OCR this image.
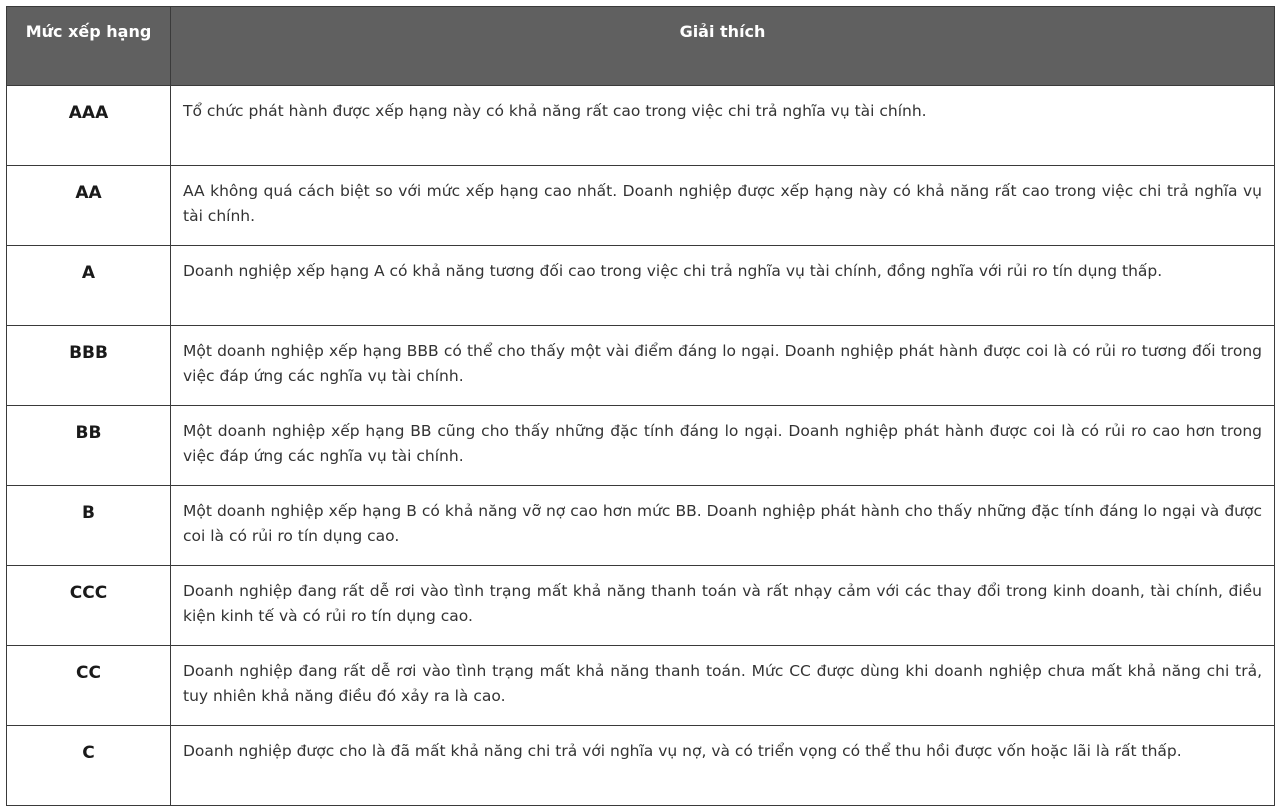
Mức xếp hạng	Giải thích
AAA	Tổ chức phát hành được xếp hạng này có khả năng rất cao trong việc chi trả nghĩa vụ tài chính.
AA	AA không quá cách biệt so với mức xếp hạng cao nhất. Doanh nghiệp được xếp hạng này có khả năng rất cao trong việc chi trả nghĩa vụ tài chính.
A	Doanh nghiệp xếp hạng A có khả năng tương đối cao trong việc chi trả nghĩa vụ tài chính, đồng nghĩa với rủi ro tín dụng thấp.
BBB	Một doanh nghiệp xếp hạng BBB có thể cho thấy một vài điểm đáng lo ngại. Doanh nghiệp phát hành được coi là có rủi ro tương đối trong việc đáp ứng các nghĩa vụ tài chính.
BB	Một doanh nghiệp xếp hạng BB cũng cho thấy những đặc tính đáng lo ngại. Doanh nghiệp phát hành được coi là có rủi ro cao hơn trong việc đáp ứng các nghĩa vụ tài chính.
B	Một doanh nghiệp xếp hạng B có khả năng vỡ nợ cao hơn mức BB. Doanh nghiệp phát hành cho thấy những đặc tính đáng lo ngại và được coi là có rủi ro tín dụng cao.
CCC	Doanh nghiệp đang rất dễ rơi vào tình trạng mất khả năng thanh toán và rất nhạy cảm với các thay đổi trong kinh doanh, tài chính, điều kiện kinh tế và có rủi ro tín dụng cao.
CC	Doanh nghiệp đang rất dễ rơi vào tình trạng mất khả năng thanh toán. Mức CC được dùng khi doanh nghiệp chưa mất khả năng chi trả, tuy nhiên khả năng điều đó xảy ra là cao.
C	Doanh nghiệp được cho là đã mất khả năng chi trả với nghĩa vụ nợ, và có triển vọng có thể thu hồi được vốn hoặc lãi là rất thấp.
